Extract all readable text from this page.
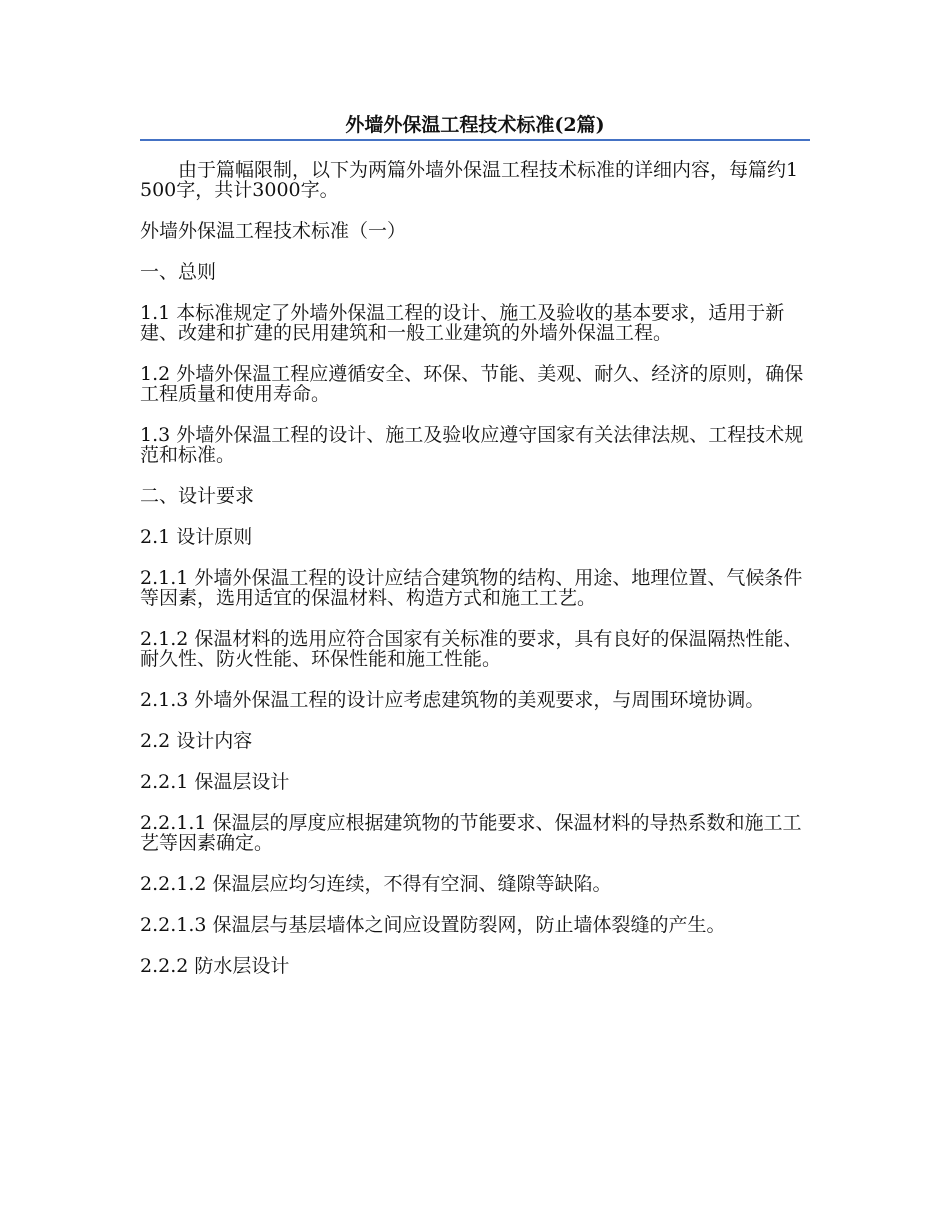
外墙外保温工程技术标准(2篇)

由于篇幅限制，以下为两篇外墙外保温工程技术标准的详细内容，每篇约1500字，共计3000字。

外墙外保温工程技术标准（一）

一、总则

1.1 本标准规定了外墙外保温工程的设计、施工及验收的基本要求，适用于新建、改建和扩建的民用建筑和一般工业建筑的外墙外保温工程。

1.2 外墙外保温工程应遵循安全、环保、节能、美观、耐久、经济的原则，确保工程质量和使用寿命。

1.3 外墙外保温工程的设计、施工及验收应遵守国家有关法律法规、工程技术规范和标准。

二、设计要求

2.1 设计原则

2.1.1 外墙外保温工程的设计应结合建筑物的结构、用途、地理位置、气候条件等因素，选用适宜的保温材料、构造方式和施工工艺。

2.1.2 保温材料的选用应符合国家有关标准的要求，具有良好的保温隔热性能、耐久性、防火性能、环保性能和施工性能。

2.1.3 外墙外保温工程的设计应考虑建筑物的美观要求，与周围环境协调。

2.2 设计内容

2.2.1 保温层设计

2.2.1.1 保温层的厚度应根据建筑物的节能要求、保温材料的导热系数和施工工艺等因素确定。

2.2.1.2 保温层应均匀连续，不得有空洞、缝隙等缺陷。

2.2.1.3 保温层与基层墙体之间应设置防裂网，防止墙体裂缝的产生。

2.2.2 防水层设计
